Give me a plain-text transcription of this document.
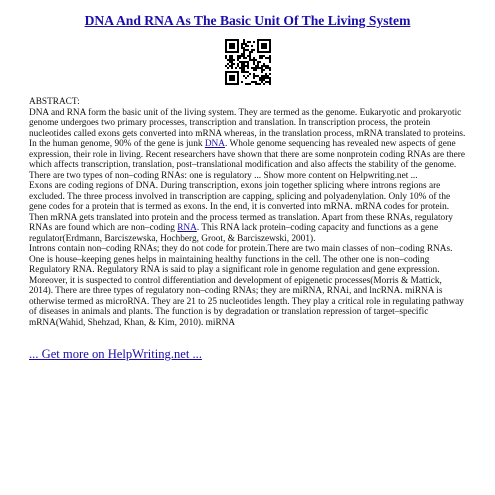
DNA And RNA As The Basic Unit Of The Living System

ABSTRACT:

DNA and RNA form the basic unit of the living system. They are termed as the genome. Eukaryotic and prokaryotic genome undergoes two primary processes, transcription and translation. In transcription process, the protein nucleotides called exons gets converted into mRNA whereas, in the translation process, mRNA translated to proteins. In the human genome, 90% of the gene is junk DNA. Whole genome sequencing has revealed new aspects of gene expression, their role in living. Recent researchers have shown that there are some nonprotein coding RNAs are there which affects transcription, translation, post–translational modification and also affects the stability of the genome. There are two types of non–coding RNAs: one is regulatory ... Show more content on Helpwriting.net ...

Exons are coding regions of DNA. During transcription, exons join together splicing where introns regions are excluded. The three process involved in transcription are capping, splicing and polyadenylation. Only 10% of the gene codes for a protein that is termed as exons. In the end, it is converted into mRNA. mRNA codes for protein. Then mRNA gets translated into protein and the process termed as translation. Apart from these RNAs, regulatory RNAs are found which are non–coding RNA. This RNA lack protein–coding capacity and functions as a gene regulator(Erdmann, Barciszewska, Hochberg, Groot, & Barciszewski, 2001).

Introns contain non–coding RNAs; they do not code for protein.There are two main classes of non–coding RNAs. One is house–keeping genes helps in maintaining healthy functions in the cell. The other one is non–coding Regulatory RNA. Regulatory RNA is said to play a significant role in genome regulation and gene expression. Moreover, it is suspected to control differentiation and development of epigenetic processes(Morris & Mattick, 2014). There are three types of regulatory non–coding RNAs; they are miRNA, RNAi, and lncRNA. miRNA is otherwise termed as microRNA. They are 21 to 25 nucleotides length. They play a critical role in regulating pathway of diseases in animals and plants. The function is by degradation or translation repression of target–specific mRNA(Wahid, Shehzad, Khan, & Kim, 2010). miRNA

... Get more on HelpWriting.net ...
